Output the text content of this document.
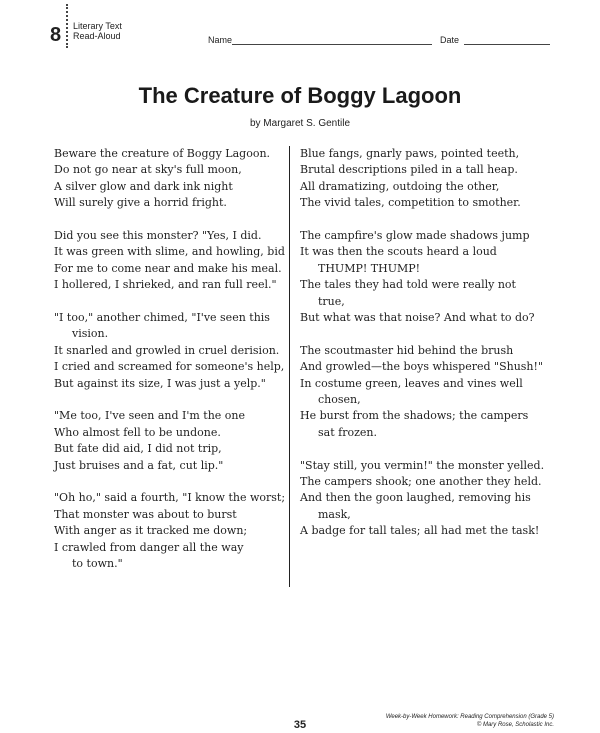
8 Literary Text
Read-Aloud	Name	Date
The Creature of Boggy Lagoon
by Margaret S. Gentile
Beware the creature of Boggy Lagoon.
Do not go near at sky's full moon,
A silver glow and dark ink night
Will surely give a horrid fright.
Did you see this monster? "Yes, I did.
It was green with slime, and howling, bid
For me to come near and make his meal.
I hollered, I shrieked, and ran full reel."
"I too," another chimed, "I've seen this
vision.
It snarled and growled in cruel derision.
I cried and screamed for someone's help,
But against its size, I was just a yelp."
"Me too, I've seen and I'm the one
Who almost fell to be undone.
But fate did aid, I did not trip,
Just bruises and a fat, cut lip."
"Oh ho," said a fourth, "I know the worst;
That monster was about to burst
With anger as it tracked me down;
I crawled from danger all the way
to town."
Blue fangs, gnarly paws, pointed teeth,
Brutal descriptions piled in a tall heap.
All dramatizing, outdoing the other,
The vivid tales, competition to smother.
The campfire's glow made shadows jump
It was then the scouts heard a loud
THUMP! THUMP!
The tales they had told were really not
true,
But what was that noise? And what to do?
The scoutmaster hid behind the brush
And growled—the boys whispered "Shush!"
In costume green, leaves and vines well
chosen,
He burst from the shadows; the campers
sat frozen.
"Stay still, you vermin!" the monster yelled.
The campers shook; one another they held.
And then the goon laughed, removing his
mask,
A badge for tall tales; all had met the task!
35
Week-by-Week Homework: Reading Comprehension (Grade 5)
© Mary Rose, Scholastic Inc.
